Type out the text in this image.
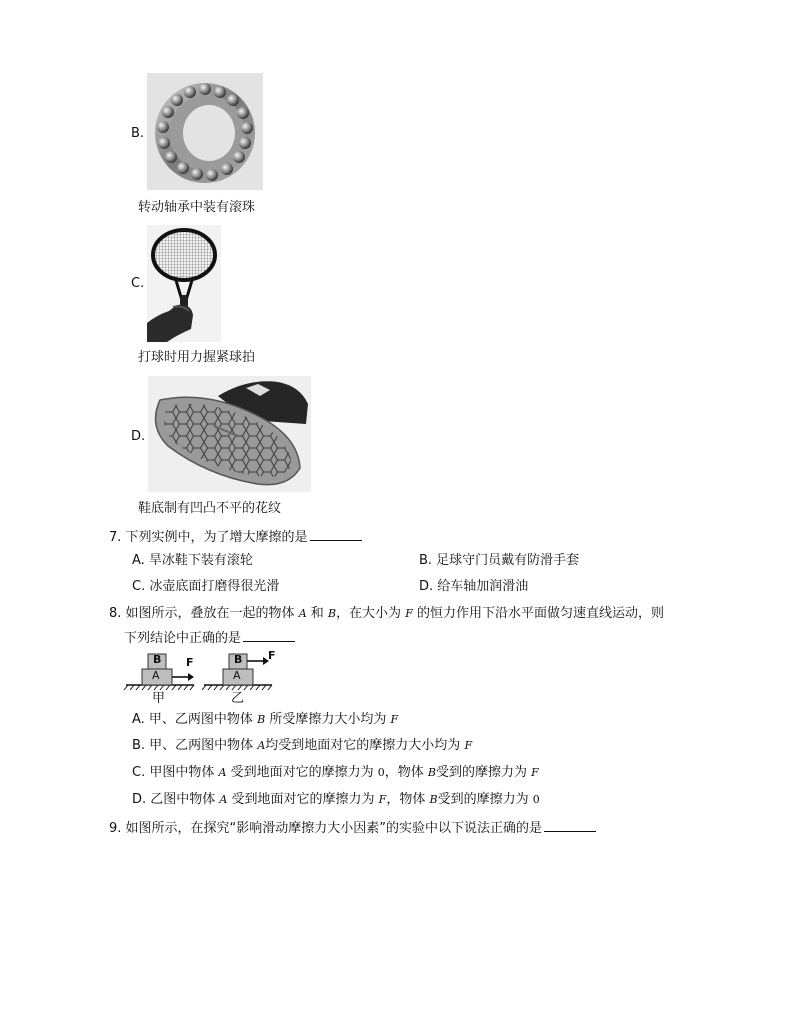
B.
转动轴承中装有滚珠
C.
打球时用力握紧球拍
D.
鞋底制有凹凸不平的花纹
7. 下列实例中，为了增大摩擦的是
A. 旱冰鞋下装有滚轮	B. 足球守门员戴有防滑手套
C. 冰壶底面打磨得很光滑	D. 给车轴加润滑油
8. 如图所示，叠放在一起的物体 A 和 B，在大小为 F 的恒力作用下沿水平面做匀速直线运动，则
下列结论中正确的是
B
A
F	B
A
F
甲	乙
A. 甲、乙两图中物体 B 所受摩擦力大小均为 F
B. 甲、乙两图中物体 A均受到地面对它的摩擦力大小均为 F
C. 甲图中物体 A 受到地面对它的摩擦力为 0，物体 B受到的摩擦力为 F
D. 乙图中物体 A 受到地面对它的摩擦力为 F，物体 B受到的摩擦力为 0
9. 如图所示，在探究“影响滑动摩擦力大小因素”的实验中以下说法正确的是
